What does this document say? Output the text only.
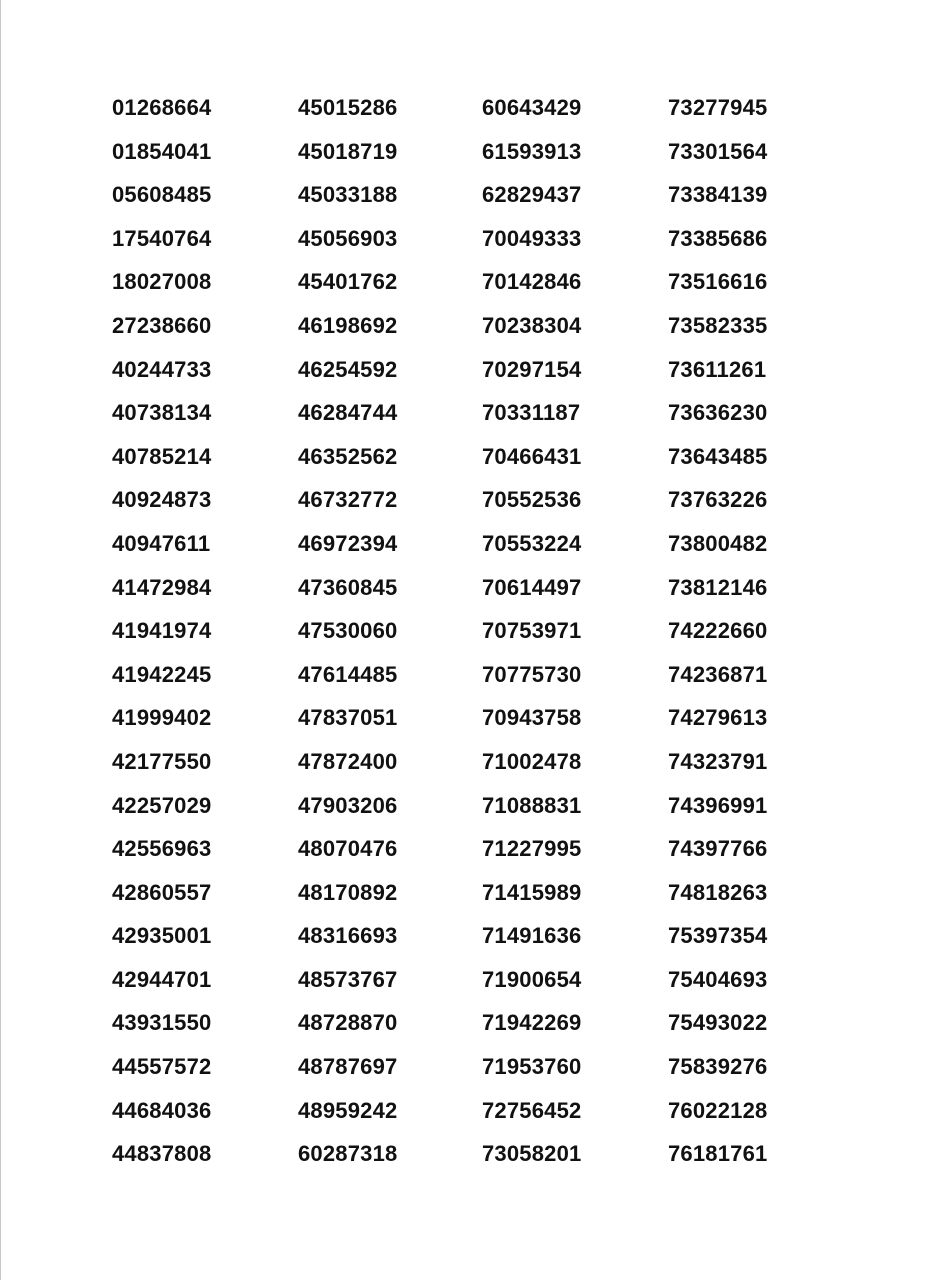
01268664	45015286	60643429	73277945
01854041	45018719	61593913	73301564
05608485	45033188	62829437	73384139
17540764	45056903	70049333	73385686
18027008	45401762	70142846	73516616
27238660	46198692	70238304	73582335
40244733	46254592	70297154	73611261
40738134	46284744	70331187	73636230
40785214	46352562	70466431	73643485
40924873	46732772	70552536	73763226
40947611	46972394	70553224	73800482
41472984	47360845	70614497	73812146
41941974	47530060	70753971	74222660
41942245	47614485	70775730	74236871
41999402	47837051	70943758	74279613
42177550	47872400	71002478	74323791
42257029	47903206	71088831	74396991
42556963	48070476	71227995	74397766
42860557	48170892	71415989	74818263
42935001	48316693	71491636	75397354
42944701	48573767	71900654	75404693
43931550	48728870	71942269	75493022
44557572	48787697	71953760	75839276
44684036	48959242	72756452	76022128
44837808	60287318	73058201	76181761
